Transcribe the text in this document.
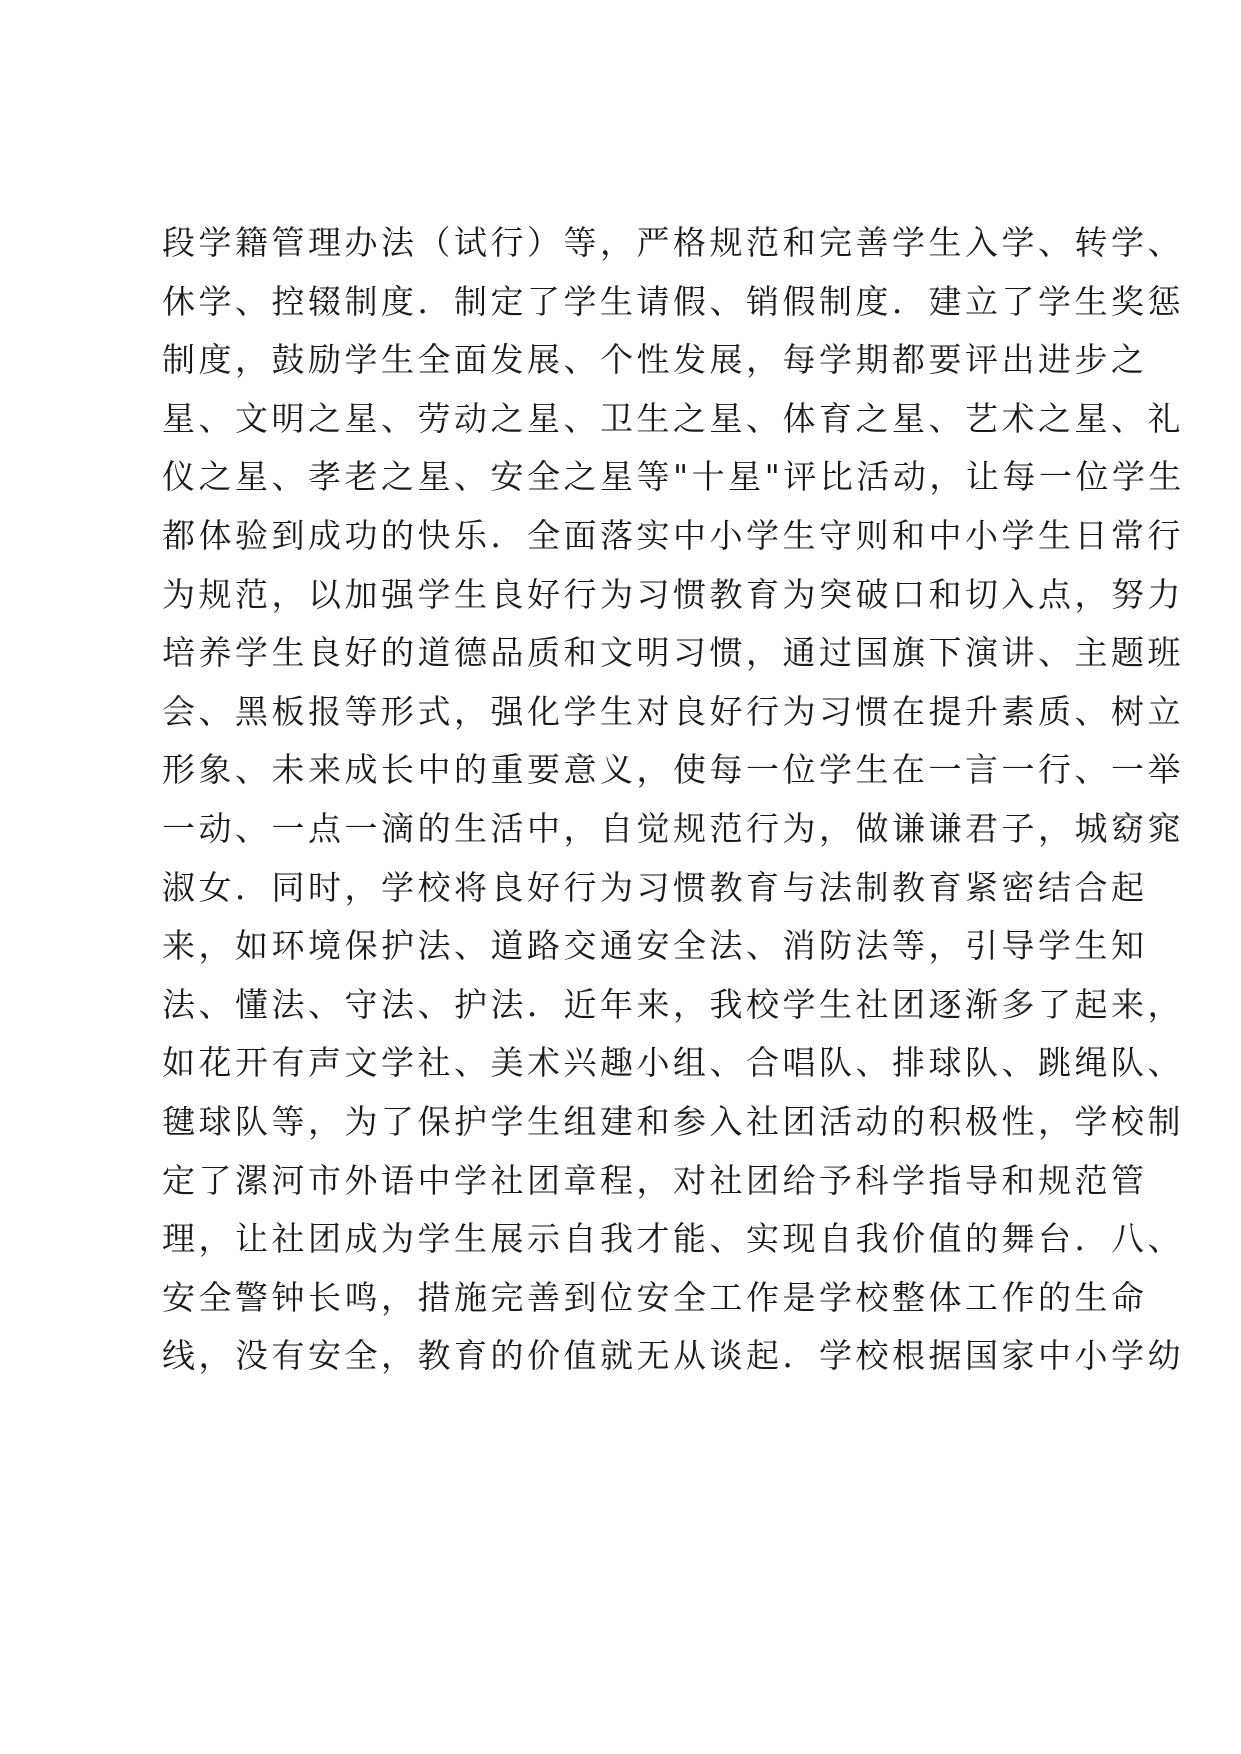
段学籍管理办法（试行）等，严格规范和完善学生入学、转学、
休学、控辍制度．制定了学生请假、销假制度．建立了学生奖惩
制度，鼓励学生全面发展、个性发展，每学期都要评出进步之
星、文明之星、劳动之星、卫生之星、体育之星、艺术之星、礼
仪之星、孝老之星、安全之星等"十星"评比活动，让每一位学生
都体验到成功的快乐．全面落实中小学生守则和中小学生日常行
为规范，以加强学生良好行为习惯教育为突破口和切入点，努力
培养学生良好的道德品质和文明习惯，通过国旗下演讲、主题班
会、黑板报等形式，强化学生对良好行为习惯在提升素质、树立
形象、未来成长中的重要意义，使每一位学生在一言一行、一举
一动、一点一滴的生活中，自觉规范行为，做谦谦君子，城窈窕
淑女．同时，学校将良好行为习惯教育与法制教育紧密结合起
来，如环境保护法、道路交通安全法、消防法等，引导学生知
法、懂法、守法、护法．近年来，我校学生社团逐渐多了起来，
如花开有声文学社、美术兴趣小组、合唱队、排球队、跳绳队、
毽球队等，为了保护学生组建和参入社团活动的积极性，学校制
定了漯河市外语中学社团章程，对社团给予科学指导和规范管
理，让社团成为学生展示自我才能、实现自我价值的舞台．八、
安全警钟长鸣，措施完善到位安全工作是学校整体工作的生命
线，没有安全，教育的价值就无从谈起．学校根据国家中小学幼
